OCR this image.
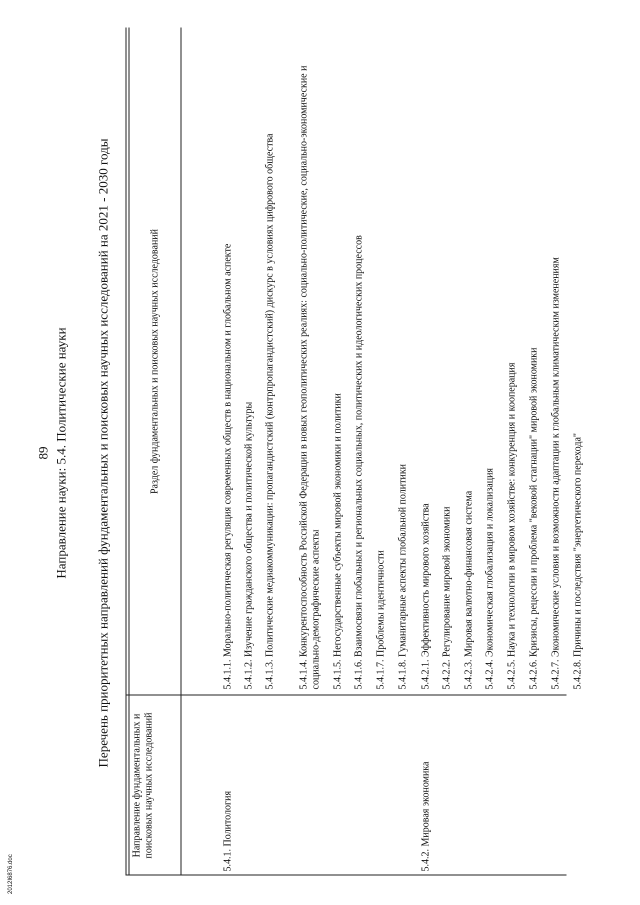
89 Направление науки: 5.4. Политические науки Перечень приоритетных направлений фундаментальных и поисковых научных исследований на 2021 - 2030 годы
Направление фундаментальных и поисковых научных исследований
Раздел фундаментальных и поисковых научных исследований
5.4.1. Политология	5.4.2. Мировая экономика
5.4.1.1. Морально-политическая регуляция современных обществ в национальном и глобальном аспекте 5.4.1.2. Изучение гражданского общества и политической культуры 5.4.1.3. Политические медиакоммуникации: пропагандистский (контрпропагандистский) дискурс в условиях цифрового общества 5.4.1.4. Конкурентоспособность Российской Федерации в новых геополитических реалиях: социально-политические, социально-экономические и социально-демографические аспекты 5.4.1.5. Негосударственные субъекты мировой экономики и политики 5.4.1.6. Взаимосвязи глобальных и региональных социальных, политических и идеологических процессов 5.4.1.7. Проблемы идентичности 5.4.1.8. Гуманитарные аспекты глобальной политики 5.4.2.1. Эффективность мирового хозяйства 5.4.2.2. Регулирование мировой экономики 5.4.2.3. Мировая валютно-финансовая система 5.4.2.4. Экономическая глобализация и локализация 5.4.2.5. Наука и технологии в мировом хозяйстве: конкуренция и кооперация 5.4.2.6. Кризисы, рецессии и проблема "вековой стагнации" мировой экономики 5.4.2.7. Экономические условия и возможности адаптации к глобальным климатическим изменениям 5.4.2.8. Причины и последствия "энергетического перехода"
2012I6876.doc
